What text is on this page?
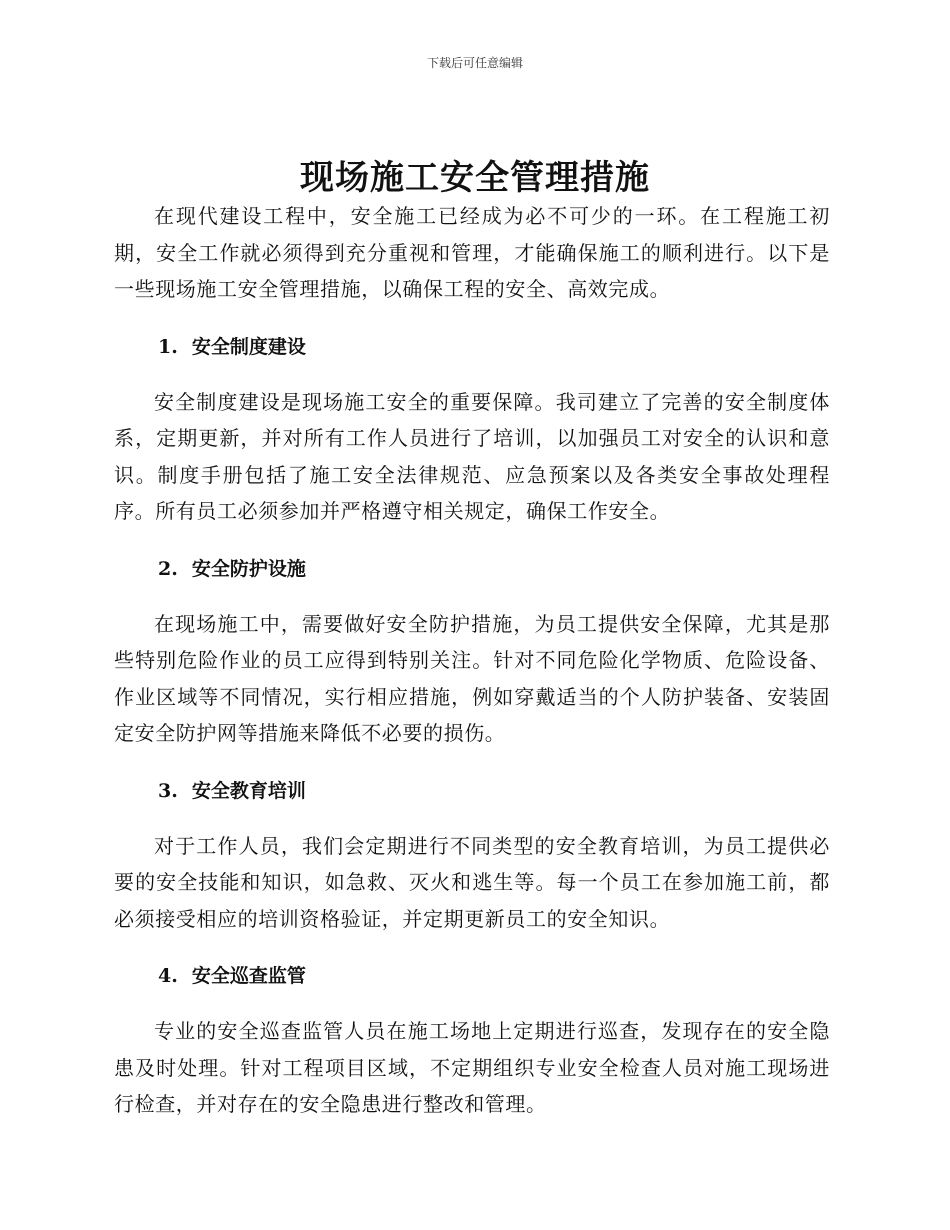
下载后可任意编辑
现场施工安全管理措施

在现代建设工程中，安全施工已经成为必不可少的一环。在工程施工初期，安全工作就必须得到充分重视和管理，才能确保施工的顺利进行。以下是一些现场施工安全管理措施，以确保工程的安全、高效完成。

1. 安全制度建设

安全制度建设是现场施工安全的重要保障。我司建立了完善的安全制度体系，定期更新，并对所有工作人员进行了培训，以加强员工对安全的认识和意识。制度手册包括了施工安全法律规范、应急预案以及各类安全事故处理程序。所有员工必须参加并严格遵守相关规定，确保工作安全。

2. 安全防护设施

在现场施工中，需要做好安全防护措施，为员工提供安全保障，尤其是那些特别危险作业的员工应得到特别关注。针对不同危险化学物质、危险设备、作业区域等不同情况，实行相应措施，例如穿戴适当的个人防护装备、安装固定安全防护网等措施来降低不必要的损伤。

3. 安全教育培训

对于工作人员，我们会定期进行不同类型的安全教育培训，为员工提供必要的安全技能和知识，如急救、灭火和逃生等。每一个员工在参加施工前，都必须接受相应的培训资格验证，并定期更新员工的安全知识。

4. 安全巡查监管

专业的安全巡查监管人员在施工场地上定期进行巡查，发现存在的安全隐患及时处理。针对工程项目区域，不定期组织专业安全检查人员对施工现场进行检查，并对存在的安全隐患进行整改和管理。
